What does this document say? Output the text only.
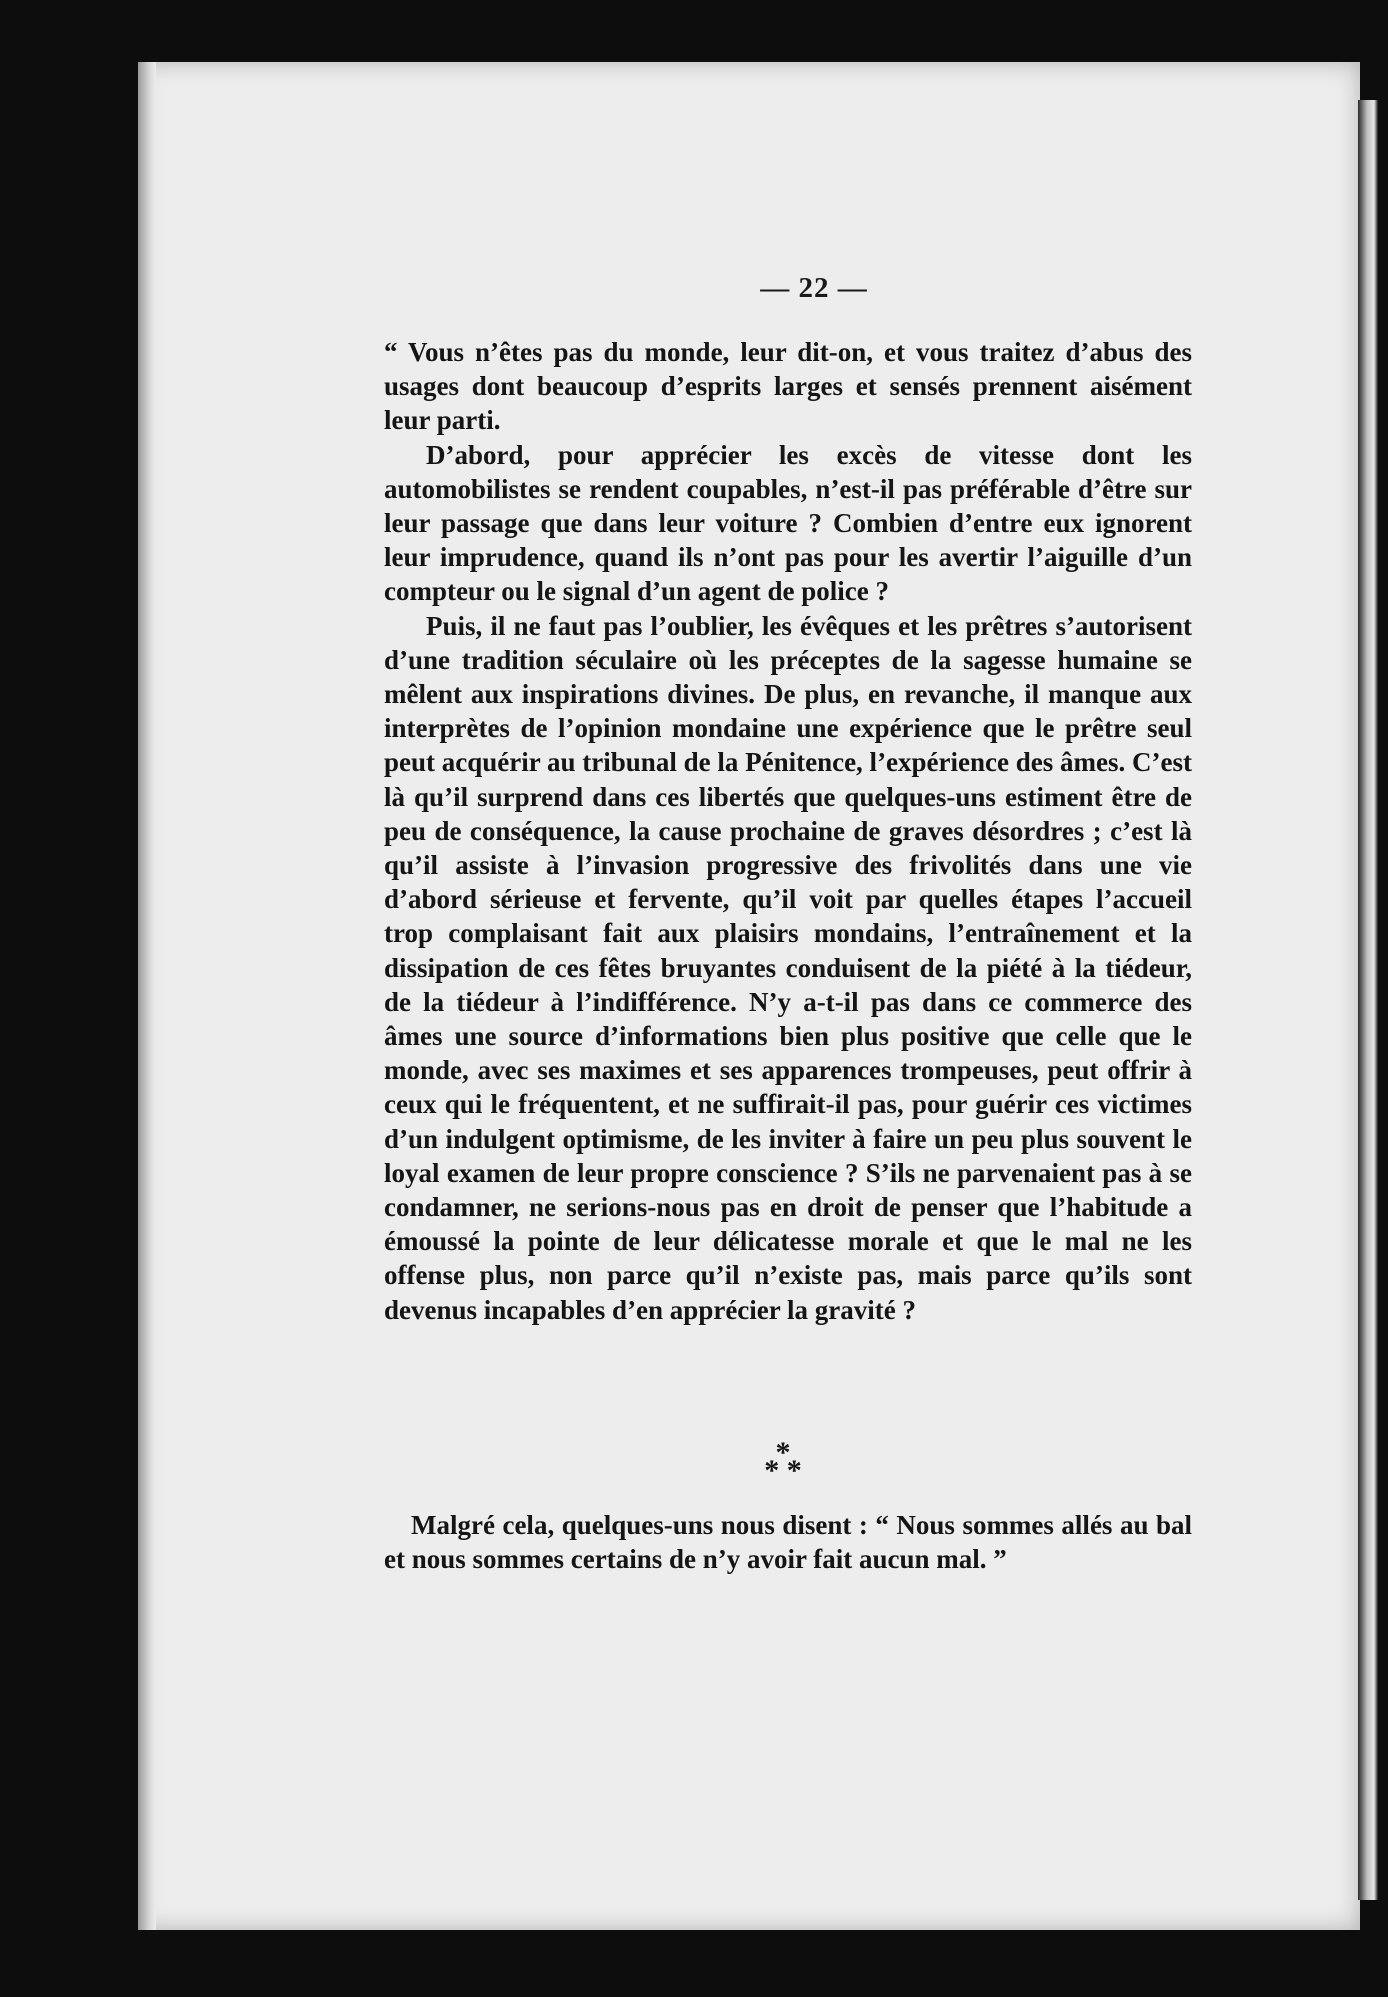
— 22 —

“ Vous n’êtes pas du monde, leur dit-on, et vous traitez d’abus des usages dont beaucoup d’esprits larges et sensés prennent aisément leur parti.

D’abord, pour apprécier les excès de vitesse dont les automobilistes se rendent coupables, n’est-il pas préférable d’être sur leur passage que dans leur voiture ? Combien d’entre eux ignorent leur imprudence, quand ils n’ont pas pour les avertir l’aiguille d’un compteur ou le signal d’un agent de police ?

Puis, il ne faut pas l’oublier, les évêques et les prêtres s’autorisent d’une tradition séculaire où les préceptes de la sagesse humaine se mêlent aux inspirations divines. De plus, en revanche, il manque aux interprètes de l’opinion mondaine une expérience que le prêtre seul peut acquérir au tribunal de la Pénitence, l’expérience des âmes. C’est là qu’il surprend dans ces libertés que quelques-uns estiment être de peu de conséquence, la cause prochaine de graves désordres ; c’est là qu’il assiste à l’invasion progressive des frivolités dans une vie d’abord sérieuse et fervente, qu’il voit par quelles étapes l’accueil trop complaisant fait aux plaisirs mondains, l’entraînement et la dissipation de ces fêtes bruyantes conduisent de la piété à la tiédeur, de la tiédeur à l’indifférence. N’y a-t-il pas dans ce commerce des âmes une source d’informations bien plus positive que celle que le monde, avec ses maximes et ses apparences trompeuses, peut offrir à ceux qui le fréquentent, et ne suffirait-il pas, pour guérir ces victimes d’un indulgent optimisme, de les inviter à faire un peu plus souvent le loyal examen de leur propre conscience ? S’ils ne parvenaient pas à se condamner, ne serions-nous pas en droit de penser que l’habitude a émoussé la pointe de leur délicatesse morale et que le mal ne les offense plus, non parce qu’il n’existe pas, mais parce qu’ils sont devenus incapables d’en apprécier la gravité ?

*
* *

Malgré cela, quelques-uns nous disent : “ Nous sommes allés au bal et nous sommes certains de n’y avoir fait aucun mal. ”
